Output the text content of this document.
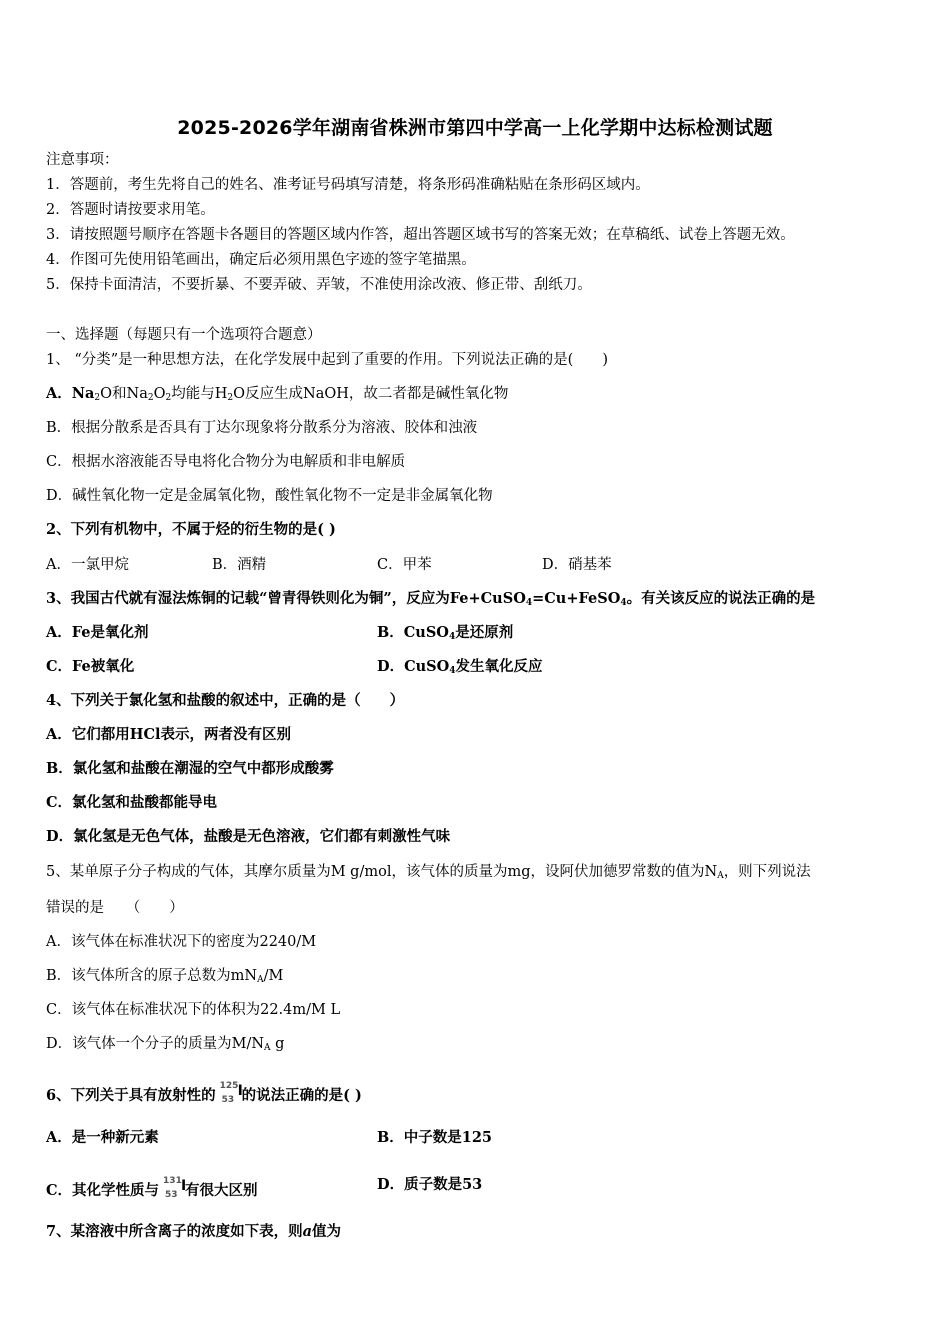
2025-2026学年湖南省株洲市第四中学高一上化学期中达标检测试题
注意事项：
1．答题前，考生先将自己的姓名、准考证号码填写清楚，将条形码准确粘贴在条形码区域内。
2．答题时请按要求用笔。
3．请按照题号顺序在答题卡各题目的答题区域内作答，超出答题区域书写的答案无效；在草稿纸、试卷上答题无效。
4．作图可先使用铅笔画出，确定后必须用黑色字迹的签字笔描黑。
5．保持卡面清洁，不要折暴、不要弄破、弄皱，不准使用涂改液、修正带、刮纸刀。
一、选择题（每题只有一个选项符合题意）
1、 “分类”是一种思想方法，在化学发展中起到了重要的作用。下列说法正确的是(　　)
A．$Na_2O$和$Na_2O_2$均能与$H_2O$反应生成NaOH，故二者都是碱性氧化物
B．根据分散系是否具有丁达尔现象将分散系分为溶液、胶体和浊液
C．根据水溶液能否导电将化合物分为电解质和非电解质
D．碱性氧化物一定是金属氧化物，酸性氧化物不一定是非金属氧化物
2、下列有机物中，不属于烃的衍生物的是( )
A．一氯甲烷	B．酒精	C．甲苯	D．硝基苯
3、我国古代就有湿法炼铜的记载“曾青得铁则化为铜”，反应为Fe+CuSO$_4$=Cu+FeSO$_4$。有关该反应的说法正确的是
A．Fe是氧化剂	B．CuSO$_4$是还原剂
C．Fe被氧化	D．CuSO$_4$发生氧化反应
4、下列关于氯化氢和盐酸的叙述中，正确的是（　　）
A．它们都用HCl表示，两者没有区别
B．氯化氢和盐酸在潮湿的空气中都形成酸雾
C．氯化氢和盐酸都能导电
D．氯化氢是无色气体，盐酸是无色溶液，它们都有刺激性气味
5、某单原子分子构成的气体，其摩尔质量为M g/mol，该气体的质量为mg，设阿伏加德罗常数的值为$N_A$，则下列说法
错误的是　　（　　）
A．该气体在标准状况下的密度为2240/M
B．该气体所含的原子总数为$mN_A/M$
C．该气体在标准状况下的体积为22.4m/M L
D．该气体一个分子的质量为$M/N_A$ g
6、下列关于具有放射性的
125
53
I
的说法正确的是( )
A．是一种新元素	B．中子数是125
C．其化学性质与
131
53
I
有很大区别	D．质子数是53
7、某溶液中所含离子的浓度如下表，则a值为
